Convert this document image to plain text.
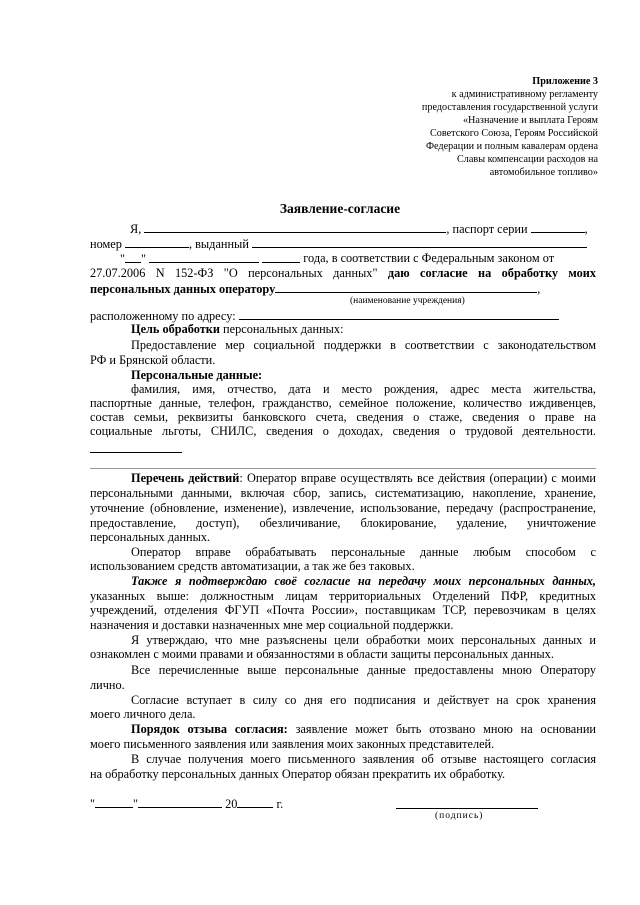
Приложение 3
к административному регламенту
предоставления государственной услуги
«Назначение и выплата Героям
Советского Союза, Героям Российской
Федерации и полным кавалерам ордена
Славы компенсации расходов на
автомобильное топливо»
Заявление-согласие
Я,	, паспорт серии	,
номер	, выданный
" "	года, в соответствии с Федеральным законом от
27.07.2006 N 152-ФЗ "О персональных данных" даю согласие на обработку моих
персональных данных оператору	,
(наименование учреждения)
расположенному по адресу:
Цель обработки персональных данных:
Предоставление мер социальной поддержки в соответствии с законодательством
РФ и Брянской области.
Персональные данные:
фамилия, имя, отчество, дата и место рождения, адрес места жительства,
паспортные данные, телефон, гражданство, семейное положение, количество иждивенцев,
состав семьи, реквизиты банковского счета, сведения о стаже, сведения о праве на
социальные льготы, СНИЛС, сведения о доходах, сведения о трудовой деятельности.
Перечень действий: Оператор вправе осуществлять все действия (операции) с моими
персональными данными, включая сбор, запись, систематизацию, накопление, хранение,
уточнение (обновление, изменение), извлечение, использование, передачу (распространение,
предоставление, доступ), обезличивание, блокирование, удаление, уничтожение
персональных данных.
Оператор вправе обрабатывать персональные данные любым способом с
использованием средств автоматизации, а так же без таковых.
Также я подтверждаю своё согласие на передачу моих персональных данных,
указанных выше: должностным лицам территориальных Отделений ПФР, кредитных
учреждений, отделения ФГУП «Почта России», поставщикам ТСР, перевозчикам в целях
назначения и доставки назначенных мне мер социальной поддержки.
Я утверждаю, что мне разъяснены цели обработки моих персональных данных и
ознакомлен с моими правами и обязанностями в области защиты персональных данных.
Все перечисленные выше персональные данные предоставлены мною Оператору
лично.
Согласие вступает в силу со дня его подписания и действует на срок хранения
моего личного дела.
Порядок отзыва согласия: заявление может быть отозвано мною на основании
моего письменного заявления или заявления моих законных представителей.
В случае получения моего письменного заявления об отзыве настоящего согласия
на обработку персональных данных Оператор обязан прекратить их обработку.
"	"	20	г.
(подпись)
